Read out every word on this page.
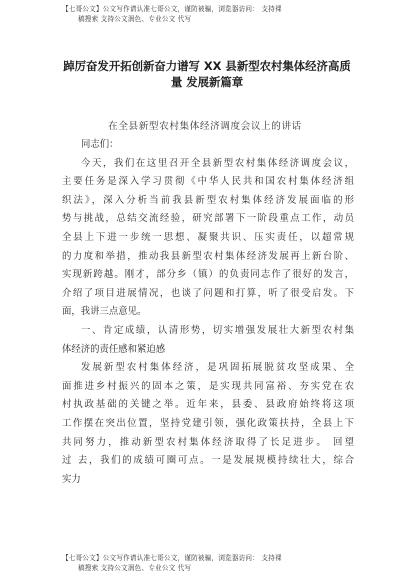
【七哥公文】公文写作请认准七哥公文，谨防被骗，浏览器访问： 支持裸
稿搜索 支持公文润色、专业公文 代写
踔厉奋发开拓创新奋力谱写 XX 县新型农村集体经济高质
量 发展新篇章
在全县新型农村集体经济调度会议上的讲话
同志们：
今天，我们在这里召开全县新型农村集体经济调度会议，
主要任务是深入学习贯彻《中华人民共和国农村集体经济组
织法》，深入分析当前我县新型农村集体经济发展面临的形
势与挑战，总结交流经验，研究部署下一阶段重点工作，动员
全县上下进一步统一思想、凝聚共识、压实责任，以超常规
的力度和举措，推动我县新型农村集体经济发展再上新台阶、
实现新跨越。刚才，部分乡（镇）的负责同志作了很好的发言，
介绍了项目进展情况，也谈了问题和打算，听了很受启发。下
面，我讲三点意见。
一、肯定成绩，认清形势，切实增强发展壮大新型农村集
体经济的责任感和紧迫感
发展新型农村集体经济，是巩固拓展脱贫攻坚成果、全
面推进乡村振兴的固本之策，是实现共同富裕、夯实党在农
村执政基础的关键之举。近年来，县委、县政府始终将这项
工作摆在突出位置，坚持党建引领，强化政策扶持，全县上下
共同努力，推动新型农村集体经济取得了长足进步。 回望
过 去，我们的成绩可圈可点。一是发展规模持续壮大，综合
实力
【七哥公文】公文写作请认准七哥公文，谨防被骗，浏览器访问： 支持裸
稿搜索 支持公文润色、专业公文 代写
